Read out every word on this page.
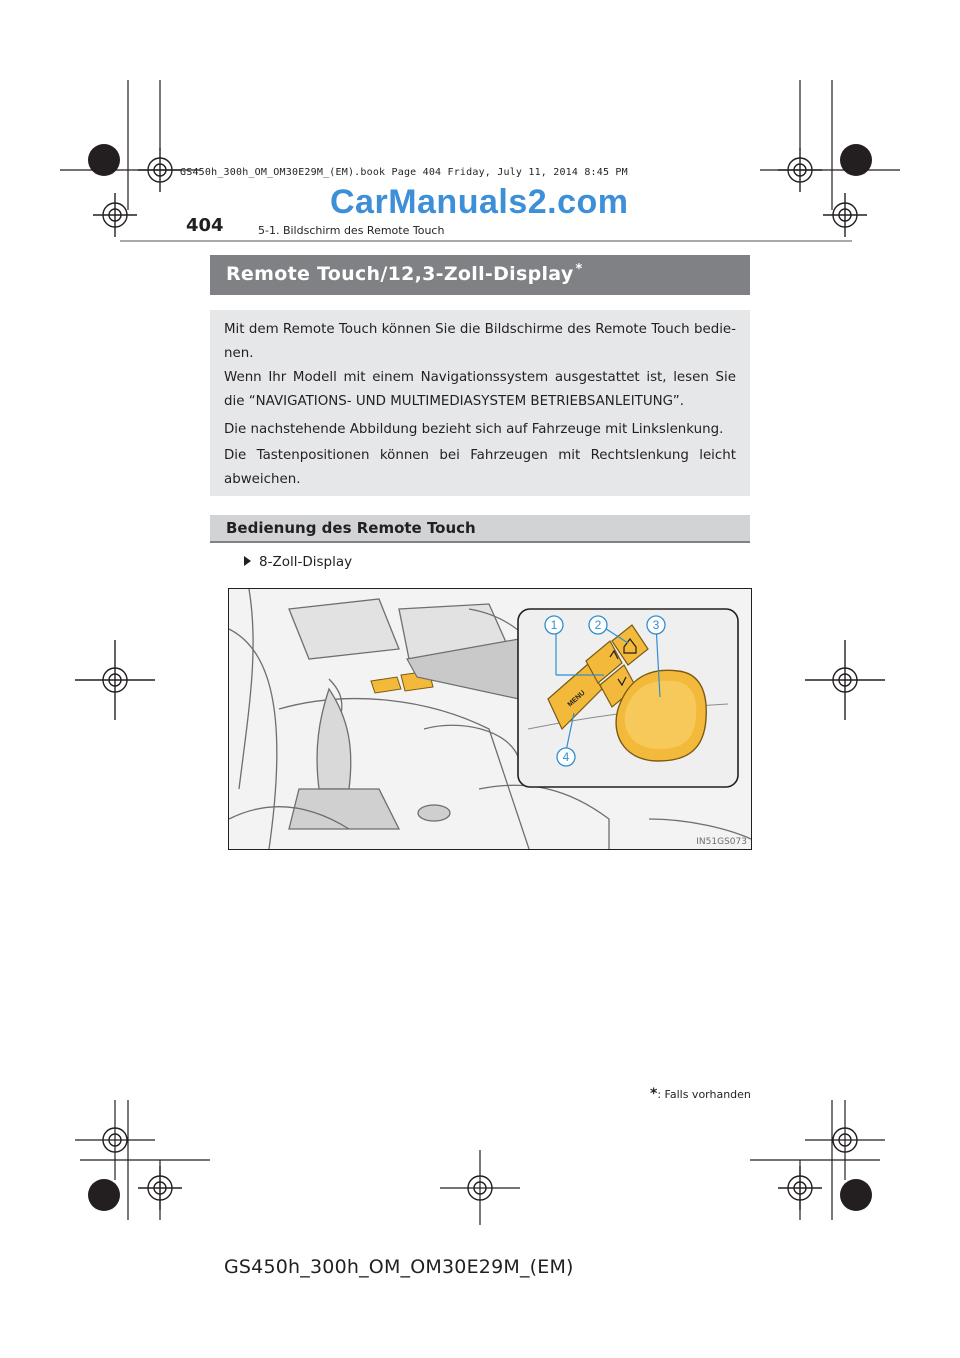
GS450h_300h_OM_OM30E29M_(EM).book Page 404 Friday, July 11, 2014 8:45 PM
CarManuals2.com
404	5-1. Bildschirm des Remote Touch
Remote Touch/12,3-Zoll-Display *

Mit dem Remote Touch können Sie die Bildschirme des Remote Touch bedie-nen.

Wenn Ihr Modell mit einem Navigationssystem ausgestattet ist, lesen Sie die “NAVIGATIONS- UND MULTIMEDIASYSTEM BETRIEBSANLEITUNG”.

Die nachstehende Abbildung bezieht sich auf Fahrzeuge mit Linkslenkung.

Die Tastenpositionen können bei Fahrzeugen mit Rechtslenkung leicht abweichen.

Bedienung des Remote Touch
8-Zoll-Display
1	2	3
4
MENU
IN51GS073
*: Falls vorhanden
GS450h_300h_OM_OM30E29M_(EM)
